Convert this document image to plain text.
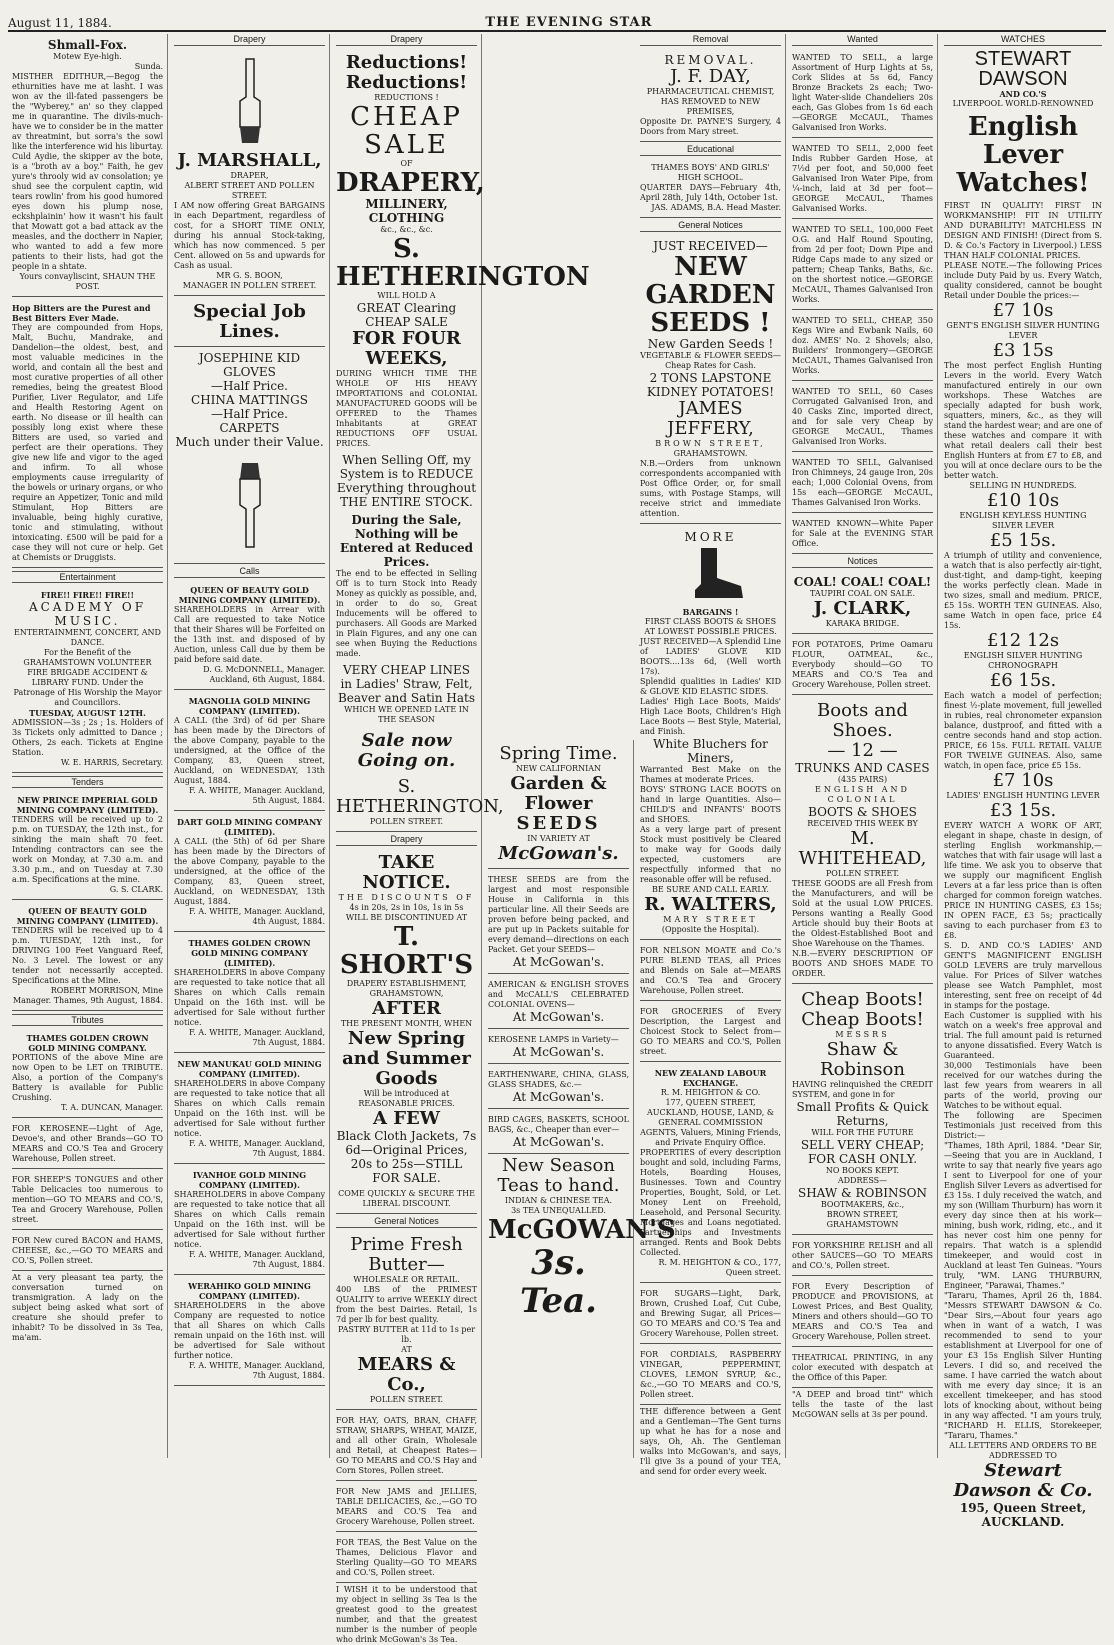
August 11, 1884.	THE EVENING STAR
Shmall-Fox.
Motew Eye-high.
Sunda.
MISTHER EDITHUR,—Begog the ethurnities have me at lasht. I was won av the ill-fated passengers be the "Wyberey," an' so they clapped me in quarantine. The divils-much-have we to consider be in the matter av threatmint, but sorra's the sowl like the interference wid his liburtay. Culd Aydie, the skipper av the bote, is a "broth av a boy." Faith, he gev yure's throoly wid av consolation; ye shud see the corpulent captin, wid tears rowlin' from his good humored eyes down his plump nose, eckshplainin' how it wasn't his fault that Mowatt got a bad attack av the measles, and the doctherr in Napier, who wanted to add a few more patients to their lists, had got the people in a shtate.
Yours convayliscint, SHAUN THE POST.
Hop Bitters are the Purest and Best Bitters Ever Made.
They are compounded from Hops, Malt, Buchu, Mandrake, and Dandelion—the oldest, best, and most valuable medicines in the world, and contain all the best and most curative properties of all other remedies, being the greatest Blood Purifier, Liver Regulator, and Life and Health Restoring Agent on earth. No disease or ill health can possibly long exist where these Bitters are used, so varied and perfect are their operations. They give new life and vigor to the aged and infirm. To all whose employments cause irregularity of the bowels or urinary organs, or who require an Appetizer, Tonic and mild Stimulant, Hop Bitters are invaluable, being highly curative, tonic and stimulating, without intoxicating. £500 will be paid for a case they will not cure or help. Get at Chemists or Druggists.
Entertainment
FIRE!! FIRE!! FIRE!!
ACADEMY OF MUSIC.
ENTERTAINMENT, CONCERT, AND DANCE.
For the Benefit of the GRAHAMSTOWN VOLUNTEER FIRE BRIGADE ACCIDENT & LIBRARY FUND. Under the Patronage of His Worship the Mayor and Councillors.
TUESDAY, AUGUST 12TH.
ADMISSION—3s ; 2s ; 1s. Holders of 3s Tickets only admitted to Dance ; Others, 2s each. Tickets at Engine Station.
W. E. HARRIS, Secretary.
Tenders
NEW PRINCE IMPERIAL GOLD MINING COMPANY (LIMITED).
TENDERS will be received up to 2 p.m. on TUESDAY, the 12th inst., for sinking the main shaft 70 feet. Intending contractors can see the work on Monday, at 7.30 a.m. and 3.30 p.m., and on Tuesday at 7.30 a.m. Specifications at the mine.
G. S. CLARK.
QUEEN OF BEAUTY GOLD MINING COMPANY (LIMITED).
TENDERS will be received up to 4 p.m. TUESDAY, 12th inst., for DRIVING 100 Feet Vanguard Reef, No. 3 Level. The lowest or any tender not necessarily accepted. Specifications at the Mine.
ROBERT MORRISON, Mine Manager. Thames, 9th August, 1884.
Tributes
THAMES GOLDEN CROWN GOLD MINING COMPANY.
PORTIONS of the above Mine are now Open to be LET on TRIBUTE. Also, a portion of the Company's Battery is available for Public Crushing.
T. A. DUNCAN, Manager.
FOR KEROSENE—Light of Age, Devoe's, and other Brands—GO TO MEARS and CO.'S Tea and Grocery Warehouse, Pollen street.
FOR SHEEP'S TONGUES and other Table Delicacies too numerous to mention—GO TO MEARS and CO.'S, Tea and Grocery Warehouse, Pollen street.
FOR New cured BACON and HAMS, CHEESE, &c.,—GO TO MEARS and CO.'S, Pollen street.
At a very pleasant tea party, the conversation turned on transmigration. A lady on the subject being asked what sort of creature she should prefer to inhabit? To be dissolved in 3s Tea, ma'am.
Drapery
J. MARSHALL,
DRAPER,
ALBERT STREET AND POLLEN STREET.
I AM now offering Great BARGAINS in each Department, regardless of cost, for a SHORT TIME ONLY, during his annual Stock-taking, which has now commenced. 5 per Cent. allowed on 5s and upwards for Cash as usual.
MR G. S. BOON,
MANAGER IN POLLEN STREET.
Special Job Lines.
JOSEPHINE KID GLOVES
—Half Price.
CHINA MATTINGS
—Half Price.
CARPETS
Much under their Value.
Calls
QUEEN OF BEAUTY GOLD MINING COMPANY (LIMITED).
SHAREHOLDERS in Arrear with Call are requested to take Notice that their Shares will be Forfeited on the 13th inst. and disposed of by Auction, unless Call due by them be paid before said date.
D. G. McDONNELL, Manager. Auckland, 6th August, 1884.
MAGNOLIA GOLD MINING COMPANY (LIMITED).
A CALL (the 3rd) of 6d per Share has been made by the Directors of the above Company, payable to the undersigned, at the Office of the Company, 83, Queen street, Auckland, on WEDNESDAY, 13th August, 1884.
F. A. WHITE, Manager. Auckland, 5th August, 1884.
DART GOLD MINING COMPANY (LIMITED).
A CALL (the 5th) of 6d per Share has been made by the Directors of the above Company, payable to the undersigned, at the office of the Company, 83, Queen street, Auckland, on WEDNESDAY, 13th August, 1884.
F. A. WHITE, Manager. Auckland, 4th August, 1884.
THAMES GOLDEN CROWN GOLD MINING COMPANY (LIMITED).
SHAREHOLDERS in above Company are requested to take notice that all Shares on which Calls remain Unpaid on the 16th inst. will be advertised for Sale without further notice.
F. A. WHITE, Manager. Auckland, 7th August, 1884.
NEW MANUKAU GOLD MINING COMPANY (LIMITED).
SHAREHOLDERS in above Company are requested to take notice that all Shares on which Calls remain Unpaid on the 16th inst. will be advertised for Sale without further notice.
F. A. WHITE, Manager. Auckland, 7th August, 1884.
IVANHOE GOLD MINING COMPANY (LIMITED).
SHAREHOLDERS in above Company are requested to take notice that all Shares on which Calls remain Unpaid on the 16th inst. will be advertised for Sale without further notice.
F. A. WHITE, Manager. Auckland, 7th August, 1884.
WERAHIKO GOLD MINING COMPANY (LIMITED).
SHAREHOLDERS in the above Company are requested to notice that all Shares on which Calls remain unpaid on the 16th inst. will be advertised for Sale without further notice.
F. A. WHITE, Manager. Auckland, 7th August, 1884.
Drapery
Reductions! Reductions!
REDUCTIONS !
CHEAP SALE
OF
DRAPERY,
MILLINERY, CLOTHING
&c., &c., &c.
S. HETHERINGTON
WILL HOLD A
GREAT Clearing CHEAP SALE
FOR FOUR WEEKS,
DURING WHICH TIME THE WHOLE OF HIS HEAVY IMPORTATIONS and COLONIAL MANUFACTURED GOODS will be OFFERED to the Thames Inhabitants at GREAT REDUCTIONS OFF USUAL PRICES.
When Selling Off, my System is to REDUCE Everything throughout THE ENTIRE STOCK.
During the Sale, Nothing will be Entered at Reduced Prices.
The end to be effected in Selling Off is to turn Stock into Ready Money as quickly as possible, and, in order to do so, Great Inducements will be offered to purchasers. All Goods are Marked in Plain Figures, and any one can see when Buying the Reductions made.
VERY CHEAP LINES in Ladies' Straw, Felt, Beaver and Satin Hats
WHICH WE OPENED LATE IN THE SEASON
Sale now Going on.
S. HETHERINGTON,
POLLEN STREET.
Drapery
TAKE NOTICE.
THE DISCOUNTS OF
4s in 20s, 2s in 10s, 1s in 5s
WILL BE DISCONTINUED AT
T. SHORT'S
DRAPERY ESTABLISHMENT,
GRAHAMSTOWN,
AFTER
THE PRESENT MONTH, WHEN
New Spring and Summer Goods
Will be introduced at REASONABLE PRICES.
A FEW
Black Cloth Jackets, 7s 6d—Original Prices, 20s to 25s—STILL FOR SALE.
COME QUICKLY & SECURE THE LIBERAL DISCOUNT.
General Notices
Prime Fresh Butter—
WHOLESALE OR RETAIL.
400 LBS of the PRIMEST QUALITY to arrive WEEKLY direct from the best Dairies. Retail, 1s 7d per lb for best quality.
PASTRY BUTTER at 11d to 1s per lb.
AT
MEARS & Co.,
POLLEN STREET.
FOR HAY, OATS, BRAN, CHAFF, STRAW, SHARPS, WHEAT, MAIZE, and all other Grain, Wholesale and Retail, at Cheapest Rates—GO TO MEARS and CO.'S Hay and Corn Stores, Pollen street.
FOR New JAMS and JELLIES, TABLE DELICACIES, &c.,—GO TO MEARS and CO.'S Tea and Grocery Warehouse, Pollen street.
FOR TEAS, the Best Value on the Thames, Delicious Flavor and Sterling Quality—GO TO MEARS and CO.'S, Pollen street.
I WISH it to be understood that my object in selling 3s Tea is the greatest good to the greatest number, and that the greatest number is the number of people who drink McGowan's 3s Tea.
Spring Time.
NEW CALIFORNIAN
Garden & Flower
SEEDS
IN VARIETY AT
McGowan's.
THESE SEEDS are from the largest and most responsible House in California in this particular line. All their Seeds are proven before being packed, and are put up in Packets suitable for every demand—directions on each Packet. Get your SEEDS—
At McGowan's.
AMERICAN & ENGLISH STOVES and McCALL'S CELEBRATED COLONIAL OVENS—
At McGowan's.
KEROSENE LAMPS in Variety—
At McGowan's.
EARTHENWARE, CHINA, GLASS, GLASS SHADES, &c.—
At McGowan's.
BIRD CAGES, BASKETS, SCHOOL BAGS, &c., Cheaper than ever—
At McGowan's.
New Season Teas to hand.
INDIAN & CHINESE TEA.
3s TEA UNEQUALLED.
McGOWAN'S
3s. Tea.
Removal
REMOVAL.
J. F. DAY,
PHARMACEUTICAL CHEMIST,
HAS REMOVED to NEW PREMISES,
Opposite Dr. PAYNE'S Surgery, 4 Doors from Mary street.
Educational
THAMES BOYS' AND GIRLS' HIGH SCHOOL.
QUARTER DAYS—February 4th, April 28th, July 14th, October 1st.
JAS. ADAMS, B.A. Head Master.
General Notices
JUST RECEIVED—
NEW
GARDEN
SEEDS !
New Garden Seeds !
VEGETABLE & FLOWER SEEDS—
Cheap Rates for Cash.
2 TONS LAPSTONE KIDNEY POTATOES!
JAMES JEFFERY,
BROWN STREET,
GRAHAMSTOWN.
N.B.—Orders from unknown correspondents accompanied with Post Office Order, or, for small sums, with Postage Stamps, will receive strict and immediate attention.
MORE
BARGAINS !
FIRST CLASS BOOTS & SHOES AT LOWEST POSSIBLE PRICES.
JUST RECEIVED—A Splendid Line of LADIES' GLOVE KID BOOTS....13s 6d, (Well worth 17s).
Splendid qualities in Ladies' KID & GLOVE KID ELASTIC SIDES.
Ladies' High Lace Boots, Maids' High Lace Boots, Children's High Lace Boots — Best Style, Material, and Finish.
White Bluchers for Miners,
Warranted Best Make on the Thames at moderate Prices.
BOYS' STRONG LACE BOOTS on hand in large Quantities. Also—CHILD'S and INFANTS' BOOTS and SHOES.
As a very large part of present Stock must positively be Cleared to make way for Goods daily expected, customers are respectfully informed that no reasonable offer will be refused.
BE SURE AND CALL EARLY.
R. WALTERS,
MARY STREET
(Opposite the Hospital).
FOR NELSON MOATE and Co.'s PURE BLEND TEAS, all Prices and Blends on Sale at—MEARS and CO.'S Tea and Grocery Warehouse, Pollen street.
FOR GROCERIES of Every Description, the Largest and Choicest Stock to Select from—GO TO MEARS and CO.'S, Pollen street.
NEW ZEALAND LABOUR EXCHANGE.
R. M. HEIGHTON & CO.
177, QUEEN STREET, AUCKLAND, HOUSE, LAND, & GENERAL COMMISSION AGENTS, Valuers, Mining Friends, and Private Enquiry Office.
PROPERTIES of every description bought and sold, including Farms, Hotels, Boarding Houses, Businesses. Town and Country Properties, Bought, Sold, or Let. Money Lent on Freehold, Leasehold, and Personal Security. Mortgages and Loans negotiated. Partnerships and Investments arranged. Rents and Book Debts Collected.
R. M. HEIGHTON & CO., 177, Queen street.
FOR SUGARS—Light, Dark, Brown, Crushed Loaf, Cut Cube, and Brewing Sugar, all Prices—GO TO MEARS and CO.'S Tea and Grocery Warehouse, Pollen street.
FOR CORDIALS, RASPBERRY VINEGAR, PEPPERMINT, CLOVES, LEMON SYRUP, &c., &c.,—GO TO MEARS and CO.'S, Pollen street.
THE difference between a Gent and a Gentleman—The Gent turns up what he has for a nose and says, Oh, Ah. The Gentleman walks into McGowan's, and says, I'll give 3s a pound of your TEA, and send for order every week.
Wanted
WANTED TO SELL, a large Assortment of Hurp Lights at 5s, Cork Slides at 5s 6d, Fancy Bronze Brackets 2s each; Two-light Water-slide Chandeliers 20s each, Gas Globes from 1s 6d each—GEORGE McCAUL, Thames Galvanised Iron Works.
WANTED TO SELL, 2,000 feet Indis Rubber Garden Hose, at 7½d per foot, and 50,000 feet Galvanised Iron Water Pipe, from ¼-inch, laid at 3d per foot—GEORGE McCAUL, Thames Galvanised Works.
WANTED TO SELL, 100,000 Feet O.G. and Half Round Spouting, from 2d per foot; Down Pipe and Ridge Caps made to any sized or pattern; Cheap Tanks, Baths, &c. on the shortest notice.—GEORGE McCAUL, Thames Galvanised Iron Works.
WANTED TO SELL, CHEAP, 350 Kegs Wire and Ewbank Nails, 60 doz. AMES' No. 2 Shovels; also, Builders' Ironmongery—GEORGE McCAUL, Thames Galvanised Iron Works.
WANTED TO SELL, 60 Cases Corrugated Galvanised Iron, and 40 Casks Zinc, imported direct, and for sale very Cheap by GEORGE McCAUL, Thames Galvanised Iron Works.
WANTED TO SELL, Galvanised Iron Chimneys, 24 gauge Iron, 20s each; 1,000 Colonial Ovens, from 15s each—GEORGE McCAUL, Thames Galvanised Iron Works.
WANTED KNOWN—White Paper for Sale at the EVENING STAR Office.
Notices
COAL! COAL! COAL!
TAUPIRI COAL ON SALE.
J. CLARK,
KARAKA BRIDGE.
FOR POTATOES, Prime Oamaru FLOUR, OATMEAL, &c., Everybody should—GO TO MEARS and CO.'S Tea and Grocery Warehouse, Pollen street.
Boots and Shoes.
— 12 —
TRUNKS AND CASES
(435 PAIRS)
ENGLISH AND COLONIAL
BOOTS & SHOES
RECEIVED THIS WEEK BY
M. WHITEHEAD,
POLLEN STREET.
THESE GOODS are all Fresh from the Manufacturers, and will be Sold at the usual LOW PRICES. Persons wanting a Really Good Article should buy their Boots at the Oldest-Established Boot and Shoe Warehouse on the Thames.
N.B.—EVERY DESCRIPTION OF BOOTS AND SHOES MADE TO ORDER.
Cheap Boots!
Cheap Boots!
MESSRS
Shaw & Robinson
HAVING relinquished the CREDIT SYSTEM, and gone in for
Small Profits & Quick Returns,
WILL FOR THE FUTURE
SELL VERY CHEAP; FOR CASH ONLY.
NO BOOKS KEPT.
ADDRESS—
SHAW & ROBINSON
BOOTMAKERS, &c.,
BROWN STREET, GRAHAMSTOWN
FOR YORKSHIRE RELISH and all other SAUCES—GO TO MEARS and CO.'s, Pollen street.
FOR Every Description of PRODUCE and PROVISIONS, at Lowest Prices, and Best Quality, Miners and others should—GO TO MEARS and CO.'S Tea and Grocery Warehouse, Pollen street.
THEATRICAL PRINTING, in any color executed with despatch at the Office of this Paper.
"A DEEP and broad tint" which tells the taste of the last McGOWAN sells at 3s per pound.
WATCHES
STEWART DAWSON
AND CO.'S
LIVERPOOL WORLD-RENOWNED
English Lever Watches!
FIRST IN QUALITY! FIRST IN WORKMANSHIP! FIT IN UTILITY AND DURABILITY! MATCHLESS IN DESIGN AND FINISH! (Direct from S. D. & Co.'s Factory in Liverpool.) LESS THAN HALF COLONIAL PRICES.
PLEASE NOTE.—The following Prices include Duty Paid by us. Every Watch, quality considered, cannot be bought Retail under Double the prices:—
£7 10s
GENT'S ENGLISH SILVER HUNTING LEVER
£3 15s
The most perfect English Hunting Levers in the world. Every Watch manufactured entirely in our own workshops. These Watches are specially adapted for bush work, squatters, miners, &c., as they will stand the hardest wear; and are one of these watches and compare it with what retail dealers call their best English Hunters at from £7 to £8, and you will at once declare ours to be the better watch.
SELLING IN HUNDREDS.
£10 10s
ENGLISH KEYLESS HUNTING SILVER LEVER
£5 15s.
A triumph of utility and convenience, a watch that is also perfectly air-tight, dust-tight, and damp-tight, keeping the works perfectly clean. Made in two sizes, small and medium. PRICE, £5 15s. WORTH TEN GUINEAS. Also, same Watch in open face, price £4 15s.
£12 12s
ENGLISH SILVER HUNTING CHRONOGRAPH
£6 15s.
Each watch a model of perfection; finest ½-plate movement, full jewelled in rubies, real chronometer expansion balance, dustproof, and fitted with a centre seconds hand and stop action. PRICE, £6 15s. FULL RETAIL VALUE FOR TWELVE GUINEAS. Also, same watch, in open face, price £5 15s.
£7 10s
LADIES' ENGLISH HUNTING LEVER
£3 15s.
EVERY WATCH A WORK OF ART, elegant in shape, chaste in design, of sterling English workmanship,—watches that with fair usage will last a life time. We ask you to observe that we supply our magnificent English Levers at a far less price than is often charged for common foreign watches. PRICE IN HUNTING CASES, £3 15s; IN OPEN FACE, £3 5s; practically saving to each purchaser from £3 to £8.
S. D. AND CO.'S LADIES' AND GENT'S MAGNIFICENT ENGLISH GOLD LEVERS are truly marvellous value. For Prices of Silver watches please see Watch Pamphlet, most interesting, sent free on receipt of 4d in stamps for the postage.
Each Customer is supplied with his watch on a week's free approval and trial. The full amount paid is returned to anyone dissatisfied. Every Watch is Guaranteed.
30,000 Testimonials have been received for our watches during the last few years from wearers in all parts of the world, proving our Watches to be without equal.
The following are Specimen Testimonials just received from this District:—
"Thames, 18th April, 1884. "Dear Sir,—Seeing that you are in Auckland, I write to say that nearly five years ago I sent to Liverpool for one of your English Silver Levers as advertised for £3 15s. I duly received the watch, and my son (William Thurburn) has worn it every day since then at his work—mining, bush work, riding, etc., and it has never cost him one penny for repairs. That watch is a splendid timekeeper, and would cost in Auckland at least Ten Guineas. "Yours truly, "WM. LANG THURBURN, Engineer, "Parawai, Thames."
"Tararu, Thames, April 26 th, 1884. "Messrs STEWART DAWSON & Co. "Dear Sirs,—About four years ago when in want of a watch, I was recommended to send to your establishment at Liverpool for one of your £3 15s English Silver Hunting Levers. I did so, and received the same. I have carried the watch about with me every day since; it is an excellent timekeeper, and has stood lots of knocking about, without being in any way affected. "I am yours truly, "RICHARD H. ELLIS, Storekeeper, "Tararu, Thames."
ALL LETTERS AND ORDERS TO BE ADDRESSED TO
Stewart Dawson & Co.
195, Queen Street,
AUCKLAND.
